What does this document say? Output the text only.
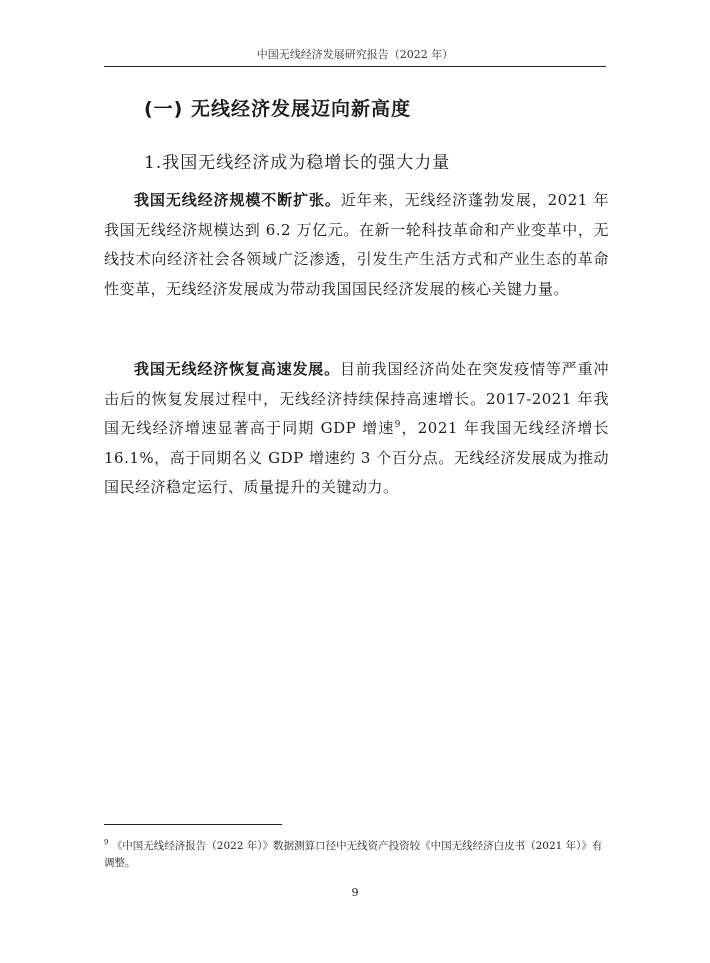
中国无线经济发展研究报告（2022 年）
(一) 无线经济发展迈向新高度
1.我国无线经济成为稳增长的强大力量

我国无线经济规模不断扩张。近年来，无线经济蓬勃发展，2021 年我国无线经济规模达到 6.2 万亿元。在新一轮科技革命和产业变革中，无线技术向经济社会各领域广泛渗透，引发生产生活方式和产业生态的革命性变革，无线经济发展成为带动我国国民经济发展的核心关键力量。

我国无线经济恢复高速发展。目前我国经济尚处在突发疫情等严重冲击后的恢复发展过程中，无线经济持续保持高速增长。2017-2021 年我国无线经济增速显著高于同期 GDP 增速$^9$，2021 年我国无线经济增长 16.1%，高于同期名义 GDP 增速约 3 个百分点。无线经济发展成为推动国民经济稳定运行、质量提升的关键动力。

$^9$ 《中国无线经济报告（2022 年）》数据测算口径中无线资产投资较《中国无线经济白皮书（2021 年）》有调整。

9
